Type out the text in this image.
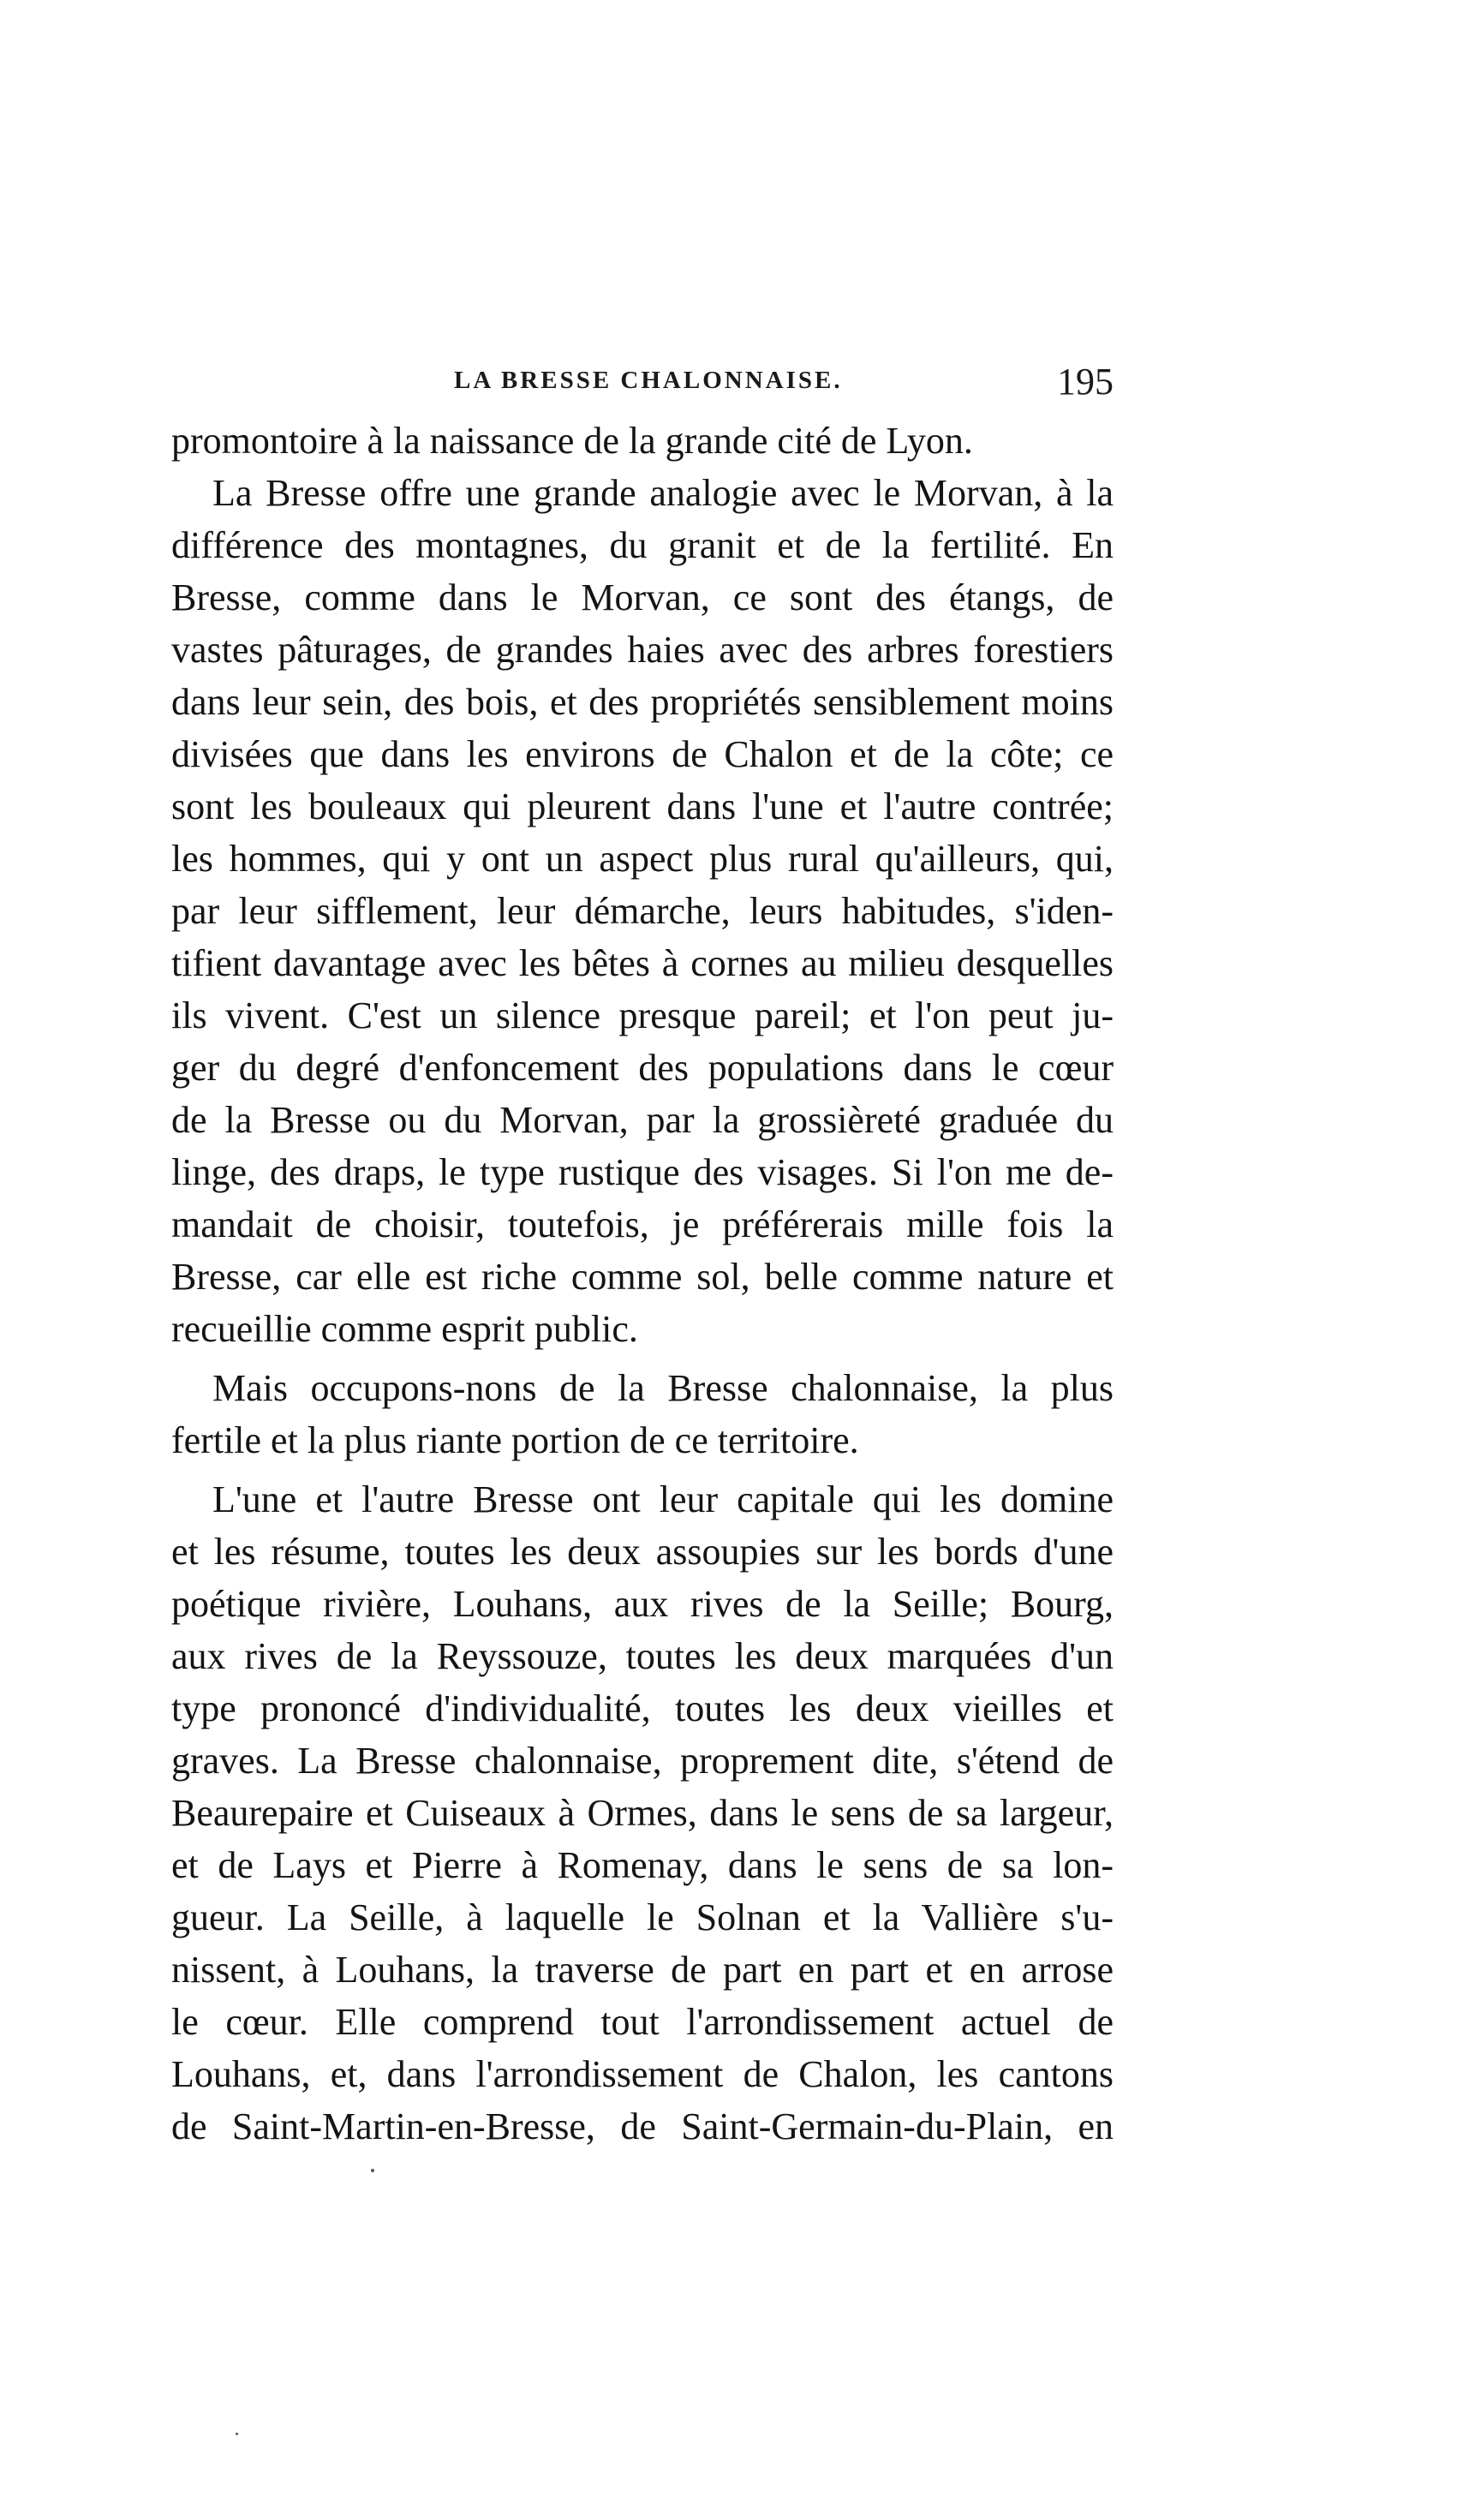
LA BRESSE CHALONNAISE.	195
promontoire à la naissance de la grande cité de Lyon.
La Bresse offre une grande analogie avec le Morvan, à la
différence des montagnes, du granit et de la fertilité. En
Bresse, comme dans le Morvan, ce sont des étangs, de
vastes pâturages, de grandes haies avec des arbres forestiers
dans leur sein, des bois, et des propriétés sensiblement moins
divisées que dans les environs de Chalon et de la côte; ce
sont les bouleaux qui pleurent dans l'une et l'autre contrée;
les hommes, qui y ont un aspect plus rural qu'ailleurs, qui,
par leur sifflement, leur démarche, leurs habitudes, s'iden-
tifient davantage avec les bêtes à cornes au milieu desquelles
ils vivent. C'est un silence presque pareil; et l'on peut ju-
ger du degré d'enfoncement des populations dans le cœur
de la Bresse ou du Morvan, par la grossièreté graduée du
linge, des draps, le type rustique des visages. Si l'on me de-
mandait de choisir, toutefois, je préférerais mille fois la
Bresse, car elle est riche comme sol, belle comme nature et
recueillie comme esprit public.
Mais occupons-nons de la Bresse chalonnaise, la plus
fertile et la plus riante portion de ce territoire.
L'une et l'autre Bresse ont leur capitale qui les domine
et les résume, toutes les deux assoupies sur les bords d'une
poétique rivière, Louhans, aux rives de la Seille; Bourg,
aux rives de la Reyssouze, toutes les deux marquées d'un
type prononcé d'individualité, toutes les deux vieilles et
graves. La Bresse chalonnaise, proprement dite, s'étend de
Beaurepaire et Cuiseaux à Ormes, dans le sens de sa largeur,
et de Lays et Pierre à Romenay, dans le sens de sa lon-
gueur. La Seille, à laquelle le Solnan et la Vallière s'u-
nissent, à Louhans, la traverse de part en part et en arrose
le cœur. Elle comprend tout l'arrondissement actuel de
Louhans, et, dans l'arrondissement de Chalon, les cantons
de Saint-Martin-en-Bresse, de Saint-Germain-du-Plain, en
